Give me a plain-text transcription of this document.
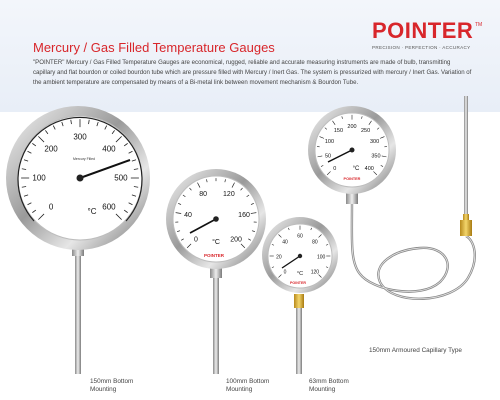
POINTER TM
PRECISION · PERFECTION · ACCURACY
Mercury / Gas Filled Temperature Gauges
"POINTER" Mercury / Gas Filled Temperature Gauges are economical, rugged, reliable and accurate measuring instruments are made of bulb, transmitting capillary and flat bourdon or coiled bourdon tube which are pressure filled with Mercury / Inert Gas. The system is pressurized with mercury / Inert Gas. Variation of the ambient temperature are compensated by means of a Bi-metal link between movement mechanism & Bourdon Tube.
0
100
200
300
400
500
600
Mercury Filled
°C
0
40
80 120
160
200
°C
POINTER
0
20
40
60
80
100
120
°C
POINTER
0
50
100
150
200
250
300
350
400
°C
POINTER
150mm Bottom
Mounting
100mm Bottom
Mounting
63mm Bottom
Mounting
150mm Armoured Capillary Type
